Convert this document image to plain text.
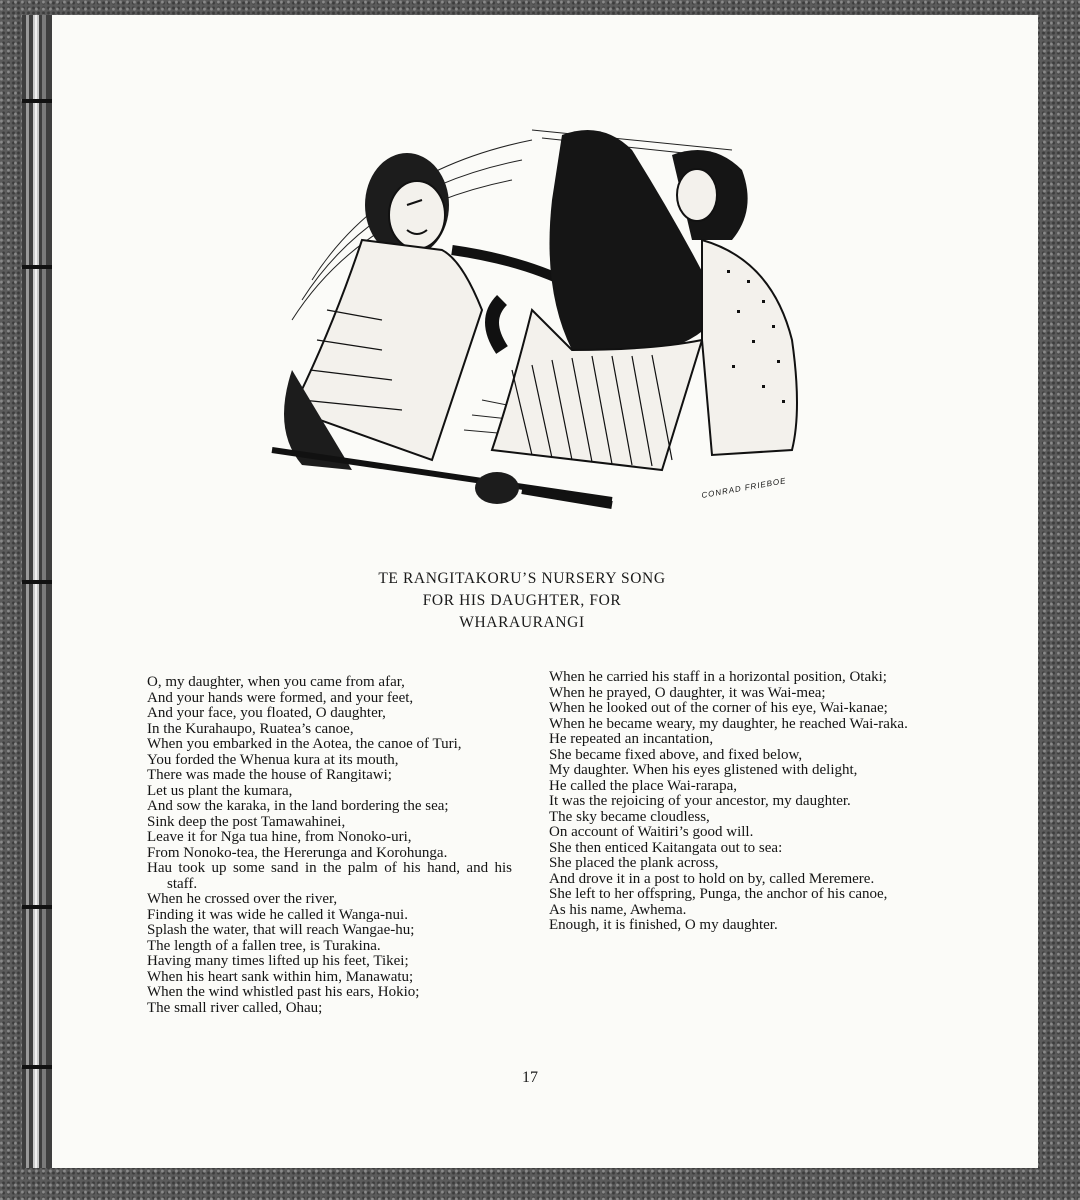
CONRAD FRIEBOE
TE RANGITAKORU’S NURSERY SONG
FOR HIS DAUGHTER, FOR
WHARAURANGI
O, my daughter, when you came from afar,
And your hands were formed, and your feet,
And your face, you floated, O daughter,
In the Kurahaupo, Ruatea’s canoe,
When you embarked in the Aotea, the canoe of Turi,
You forded the Whenua kura at its mouth,
There was made the house of Rangitawi;
Let us plant the kumara,
And sow the karaka, in the land bordering the sea;
Sink deep the post Tamawahinei,
Leave it for Nga tua hine, from Nonoko-uri,
From Nonoko-tea, the Hererunga and Korohunga.
Hau took up some sand in the palm of his hand, and his staff.
When he crossed over the river,
Finding it was wide he called it Wanga-nui.
Splash the water, that will reach Wangae-hu;
The length of a fallen tree, is Turakina.
Having many times lifted up his feet, Tikei;
When his heart sank within him, Manawatu;
When the wind whistled past his ears, Hokio;
The small river called, Ohau;
When he carried his staff in a horizontal position, Otaki;
When he prayed, O daughter, it was Wai-mea;
When he looked out of the corner of his eye, Wai-kanae;
When he became weary, my daughter, he reached Wai-raka.
He repeated an incantation,
She became fixed above, and fixed below,
My daughter. When his eyes glistened with delight,
He called the place Wai-rarapa,
It was the rejoicing of your ancestor, my daughter.
The sky became cloudless,
On account of Waitiri’s good will.
She then enticed Kaitangata out to sea:
She placed the plank across,
And drove it in a post to hold on by, called Meremere.
She left to her offspring, Punga, the anchor of his canoe,
As his name, Awhema.
Enough, it is finished, O my daughter.
17
